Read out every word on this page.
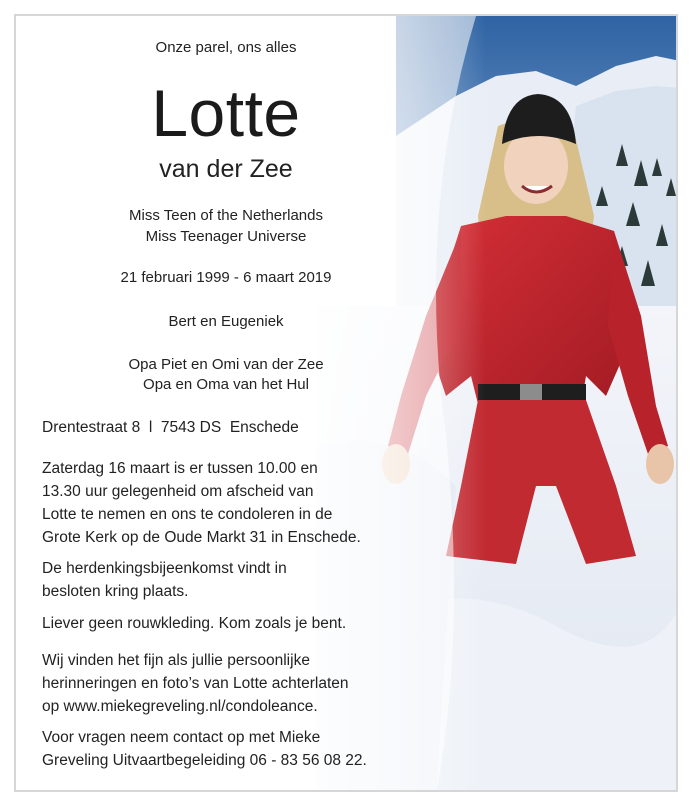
Onze parel, ons alles
Lotte
van der Zee
Miss Teen of the Netherlands
Miss Teenager Universe
21 februari 1999 - 6 maart 2019
Bert en Eugeniek
Opa Piet en Omi van der Zee
Opa en Oma van het Hul
Drentestraat 8  l  7543 DS  Enschede
Zaterdag 16 maart is er tussen 10.00 en
13.30 uur gelegenheid om afscheid van
Lotte te nemen en ons te condoleren in de
Grote Kerk op de Oude Markt 31 in Enschede.
De herdenkingsbijeenkomst vindt in
besloten kring plaats.
Liever geen rouwkleding. Kom zoals je bent.
Wij vinden het fijn als jullie persoonlijke
herinneringen en foto’s van Lotte achterlaten
op www.miekegreveling.nl/condoleance.
Voor vragen neem contact op met Mieke
Greveling Uitvaartbegeleiding 06 - 83 56 08 22.
